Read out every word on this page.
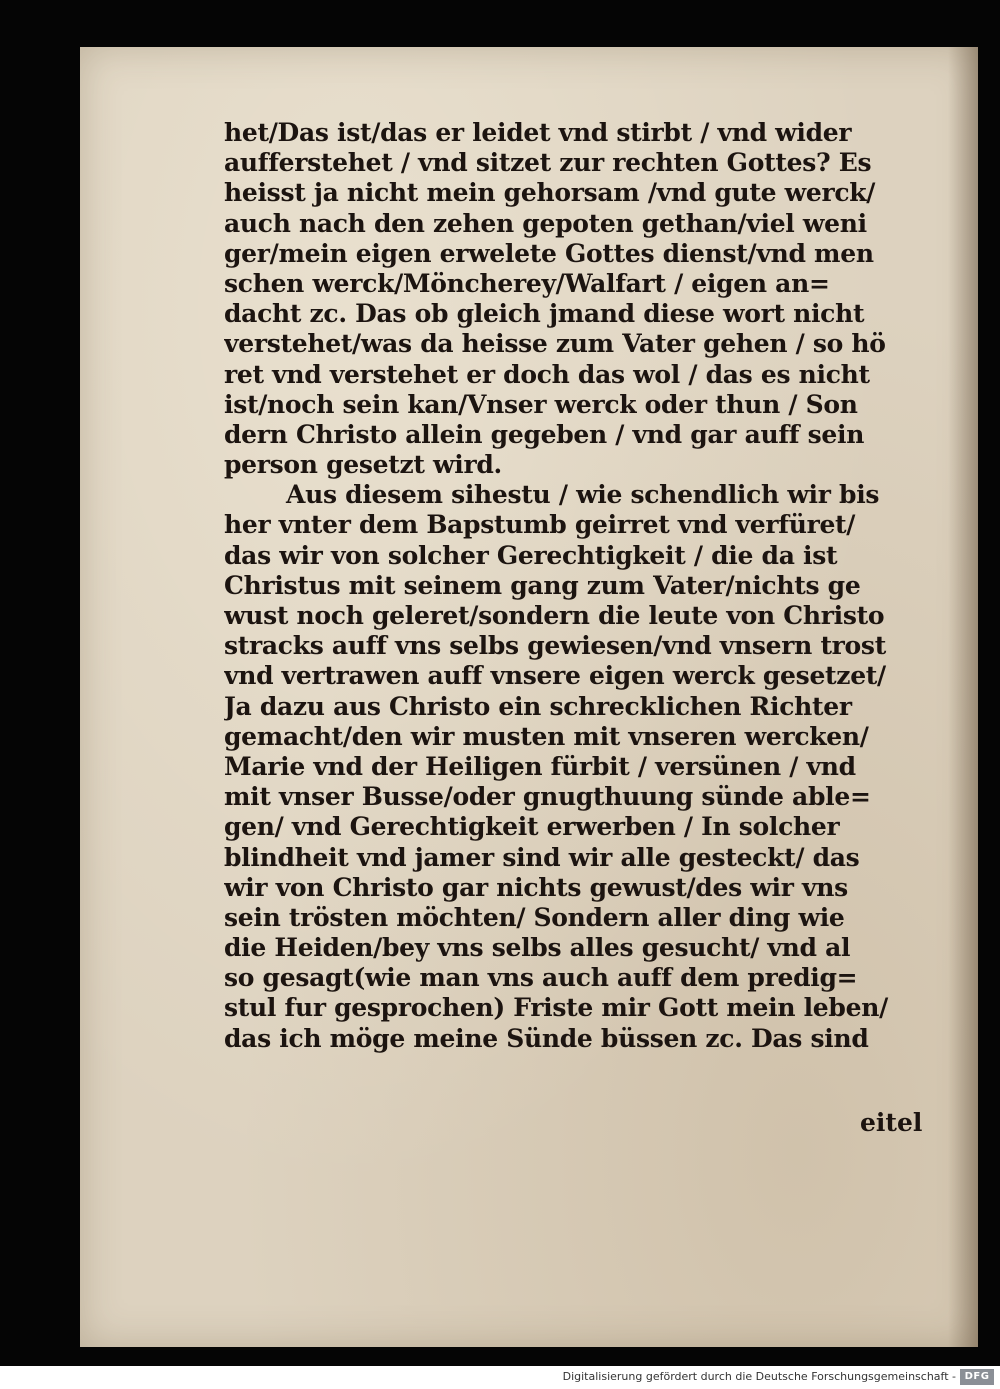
het/Das ist/das er leidet vnd stirbt / vnd wider
aufferstehet / vnd sitzet zur rechten Gottes? Es
heisst ja nicht mein gehorsam /vnd gute werck/
auch nach den zehen gepoten gethan/viel weni
ger/mein eigen erwelete Gottes dienst/vnd men
schen werck/Möncherey/Walfart / eigen an=
dacht zc. Das ob gleich jmand diese wort nicht
verstehet/was da heisse zum Vater gehen / so hö
ret vnd verstehet er doch das wol / das es nicht
ist/noch sein kan/Vnser werck oder thun / Son
dern Christo allein gegeben / vnd gar auff sein
person gesetzt wird.
Aus diesem sihestu / wie schendlich wir bis
her vnter dem Bapstumb geirret vnd verfüret/
das wir von solcher Gerechtigkeit / die da ist
Christus mit seinem gang zum Vater/nichts ge
wust noch geleret/sondern die leute von Christo
stracks auff vns selbs gewiesen/vnd vnsern trost
vnd vertrawen auff vnsere eigen werck gesetzet/
Ja dazu aus Christo ein schrecklichen Richter
gemacht/den wir musten mit vnseren wercken/
Marie vnd der Heiligen fürbit / versünen / vnd
mit vnser Busse/oder gnugthuung sünde able=
gen/ vnd Gerechtigkeit erwerben / In solcher
blindheit vnd jamer sind wir alle gesteckt/ das
wir von Christo gar nichts gewust/des wir vns
sein trösten möchten/ Sondern aller ding wie
die Heiden/bey vns selbs alles gesucht/ vnd al
so gesagt(wie man vns auch auff dem predig=
stul fur gesprochen) Friste mir Gott mein leben/
das ich möge meine Sünde büssen zc. Das sind
eitel
Digitalisierung gefördert durch die Deutsche Forschungsgemeinschaft - DFG
